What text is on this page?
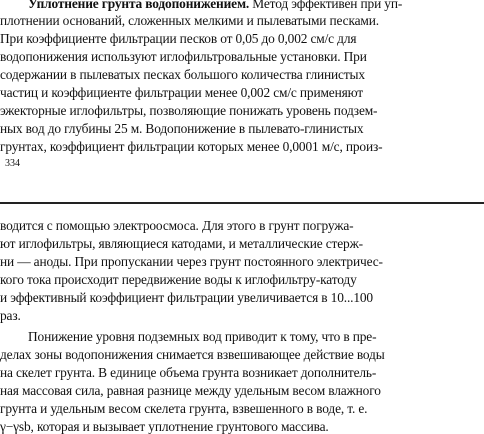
Уплотнение грунта водопонижением. Метод эффективен при уп-
плотнении оснований, сложенных мелкими и пылеватыми песками.
При коэффициенте фильтрации песков от 0,05 до 0,002 см/с для
водопонижения используют иглофильтровальные установки. При
содержании в пылеватых песках большого количества глинистых
частиц и коэффициенте фильтрации менее 0,002 см/с применяют
эжекторные иглофильтры, позволяющие понижать уровень подзем-
ных вод до глубины 25 м. Водопонижение в пылевато-глинистых
грунтах, коэффициент фильтрации которых менее 0,0001 м/с, произ-
334
водится с помощью электроосмоса. Для этого в грунт погружа-
ют иглофильтры, являющиеся катодами, и металлические стерж-
ни — аноды. При пропускании через грунт постоянного электричес-
кого тока происходит передвижение воды к иглофильтру-катоду
и эффективный коэффициент фильтрации увеличивается в 10...100
раз.
Понижение уровня подземных вод приводит к тому, что в пре-
делах зоны водопонижения снимается взвешивающее действие воды
на скелет грунта. В единице объема грунта возникает дополнитель-
ная массовая сила, равная разнице между удельным весом влажного
грунта и удельным весом скелета грунта, взвешенного в воде, т. е.
γ−γsb, которая и вызывает уплотнение грунтового массива.
